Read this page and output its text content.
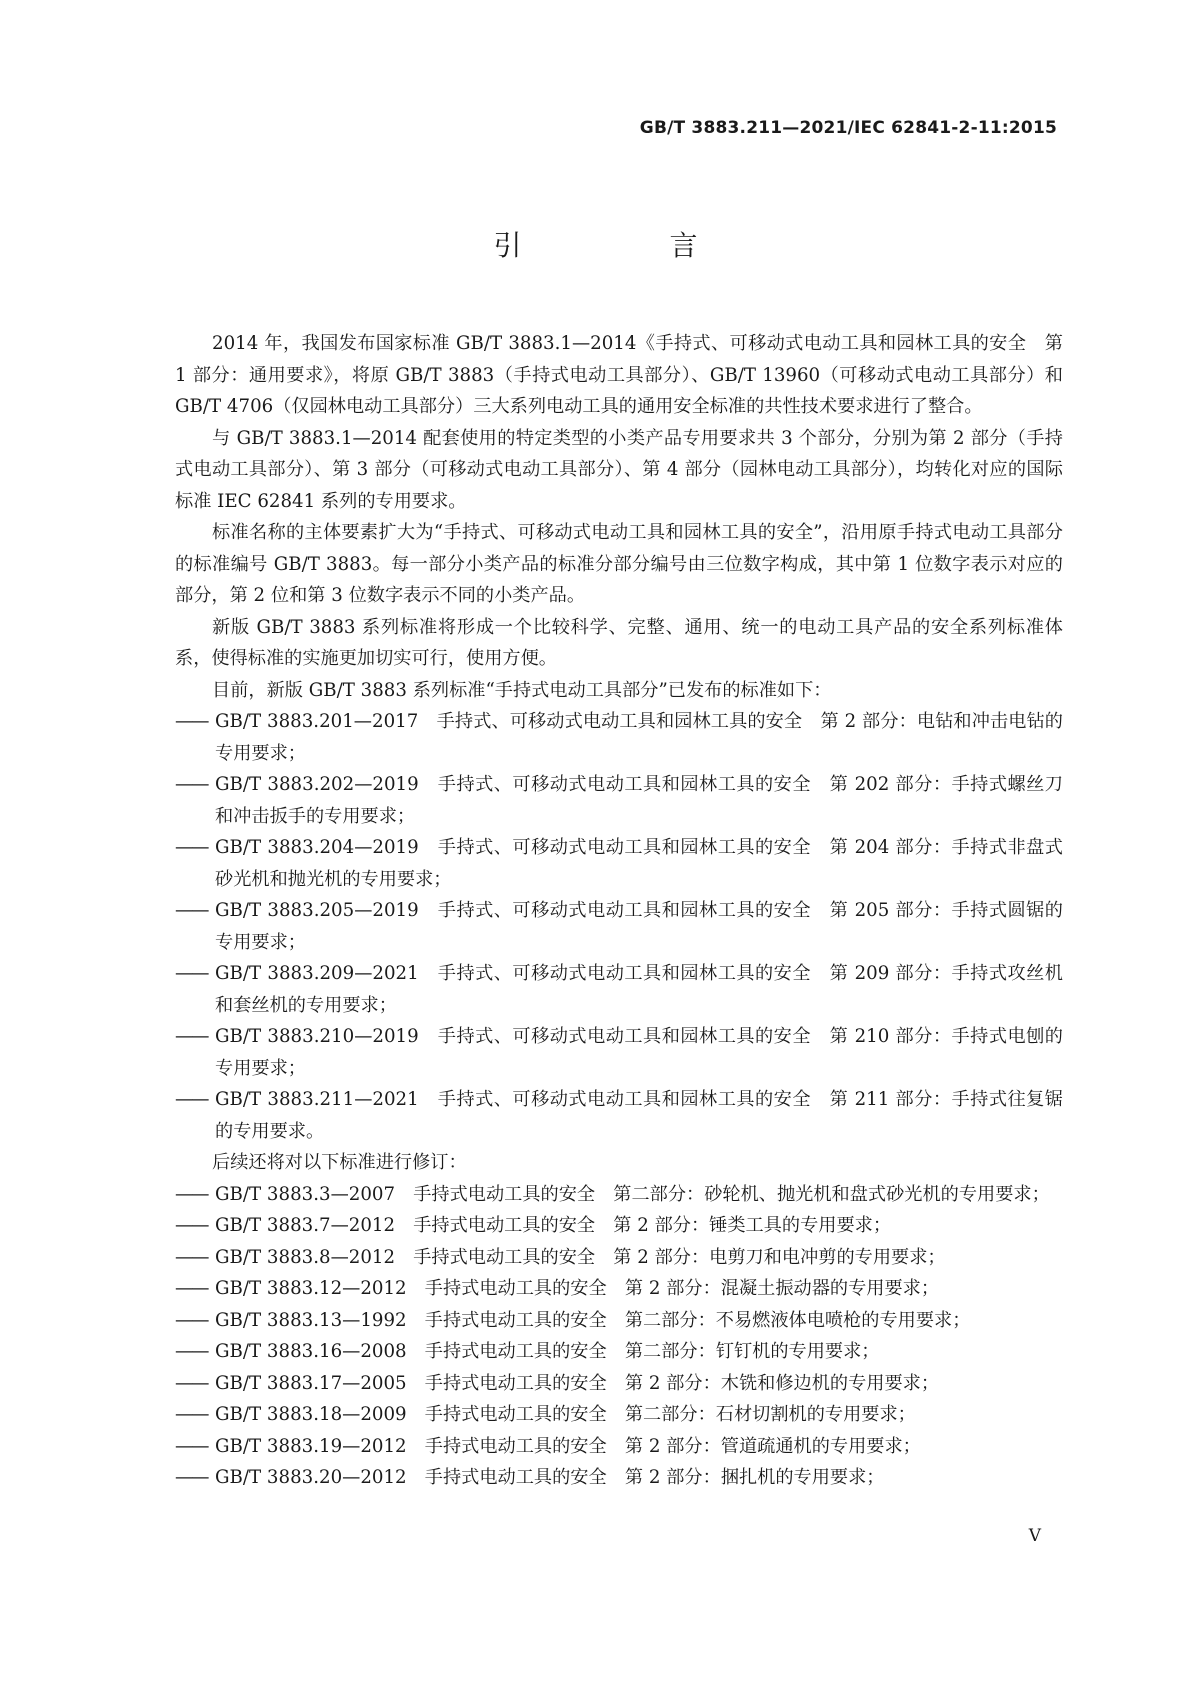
GB/T 3883.211—2021/IEC 62841-2-11:2015
引　言

2014 年，我国发布国家标准 GB/T 3883.1—2014《手持式、可移动式电动工具和园林工具的安全　第 1 部分：通用要求》，将原 GB/T 3883（手持式电动工具部分）、GB/T 13960（可移动式电动工具部分）和 GB/T 4706（仅园林电动工具部分）三大系列电动工具的通用安全标准的共性技术要求进行了整合。

与 GB/T 3883.1—2014 配套使用的特定类型的小类产品专用要求共 3 个部分，分别为第 2 部分（手持式电动工具部分）、第 3 部分（可移动式电动工具部分）、第 4 部分（园林电动工具部分），均转化对应的国际标准 IEC 62841 系列的专用要求。

标准名称的主体要素扩大为“手持式、可移动式电动工具和园林工具的安全”，沿用原手持式电动工具部分的标准编号 GB/T 3883。每一部分小类产品的标准分部分编号由三位数字构成，其中第 1 位数字表示对应的部分，第 2 位和第 3 位数字表示不同的小类产品。

新版 GB/T 3883 系列标准将形成一个比较科学、完整、通用、统一的电动工具产品的安全系列标准体系，使得标准的实施更加切实可行，使用方便。

目前，新版 GB/T 3883 系列标准“手持式电动工具部分”已发布的标准如下：

—— GB/T 3883.201—2017　手持式、可移动式电动工具和园林工具的安全　第 2 部分：电钻和冲击电钻的专用要求；

—— GB/T 3883.202—2019　手持式、可移动式电动工具和园林工具的安全　第 202 部分：手持式螺丝刀和冲击扳手的专用要求；

—— GB/T 3883.204—2019　手持式、可移动式电动工具和园林工具的安全　第 204 部分：手持式非盘式砂光机和抛光机的专用要求；

—— GB/T 3883.205—2019　手持式、可移动式电动工具和园林工具的安全　第 205 部分：手持式圆锯的专用要求；

—— GB/T 3883.209—2021　手持式、可移动式电动工具和园林工具的安全　第 209 部分：手持式攻丝机和套丝机的专用要求；

—— GB/T 3883.210—2019　手持式、可移动式电动工具和园林工具的安全　第 210 部分：手持式电刨的专用要求；

—— GB/T 3883.211—2021　手持式、可移动式电动工具和园林工具的安全　第 211 部分：手持式往复锯的专用要求。

后续还将对以下标准进行修订：

—— GB/T 3883.3—2007　手持式电动工具的安全　第二部分：砂轮机、抛光机和盘式砂光机的专用要求；

—— GB/T 3883.7—2012　手持式电动工具的安全　第 2 部分：锤类工具的专用要求；

—— GB/T 3883.8—2012　手持式电动工具的安全　第 2 部分：电剪刀和电冲剪的专用要求；

—— GB/T 3883.12—2012　手持式电动工具的安全　第 2 部分：混凝土振动器的专用要求；

—— GB/T 3883.13—1992　手持式电动工具的安全　第二部分：不易燃液体电喷枪的专用要求；

—— GB/T 3883.16—2008　手持式电动工具的安全　第二部分：钉钉机的专用要求；

—— GB/T 3883.17—2005　手持式电动工具的安全　第 2 部分：木铣和修边机的专用要求；

—— GB/T 3883.18—2009　手持式电动工具的安全　第二部分：石材切割机的专用要求；

—— GB/T 3883.19—2012　手持式电动工具的安全　第 2 部分：管道疏通机的专用要求；

—— GB/T 3883.20—2012　手持式电动工具的安全　第 2 部分：捆扎机的专用要求；

V
